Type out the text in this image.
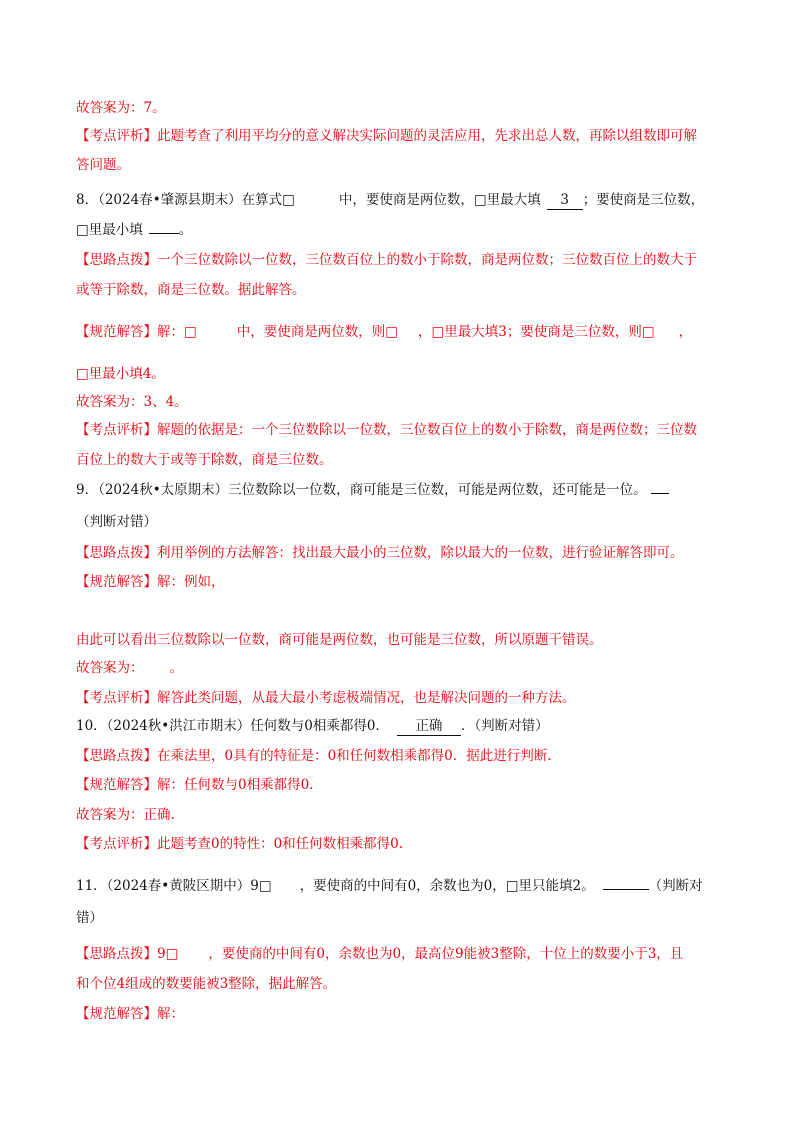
故答案为：7。
【考点评析】此题考查了利用平均分的意义解决实际问题的灵活应用，先求出总人数，再除以组数即可解
答问题。
8．（2024春•肇源县期末）在算式□	中，要使商是两位数，□里最大填 3 ；要使商是三位数，
□里最小填	。
【思路点拨】一个三位数除以一位数，三位数百位上的数小于除数，商是两位数；三位数百位上的数大于
或等于除数，商是三位数。据此解答。
【规范解答】解：□	中，要使商是两位数，则□ ，□里最大填3；要使商是三位数，则□ ，
□里最小填4。
故答案为：3、4。
【考点评析】解题的依据是：一个三位数除以一位数，三位数百位上的数小于除数，商是两位数；三位数
百位上的数大于或等于除数，商是三位数。
9．（2024秋•太原期末）三位数除以一位数，商可能是三位数，可能是两位数，还可能是一位。
（判断对错）
【思路点拨】利用举例的方法解答：找出最大最小的三位数，除以最大的一位数，进行验证解答即可。
【规范解答】解：例如，
由此可以看出三位数除以一位数，商可能是两位数，也可能是三位数，所以原题干错误。
故答案为： 。
【考点评析】解答此类问题，从最大最小考虑极端情况，也是解决问题的一种方法。
10．（2024秋•洪江市期末）任何数与0相乘都得0． 正确 ．（判断对错）
【思路点拨】在乘法里，0具有的特征是：0和任何数相乘都得0．据此进行判断.
【规范解答】解：任何数与0相乘都得0.
故答案为：正确.
【考点评析】此题考查0的特性：0和任何数相乘都得0.
11．（2024春•黄陂区期中）9□ ，要使商的中间有0，余数也为0，□里只能填2。	（判断对
错）
【思路点拨】9□ ，要使商的中间有0，余数也为0，最高位9能被3整除，十位上的数要小于3，且
和个位4组成的数要能被3整除，据此解答。
【规范解答】解：
